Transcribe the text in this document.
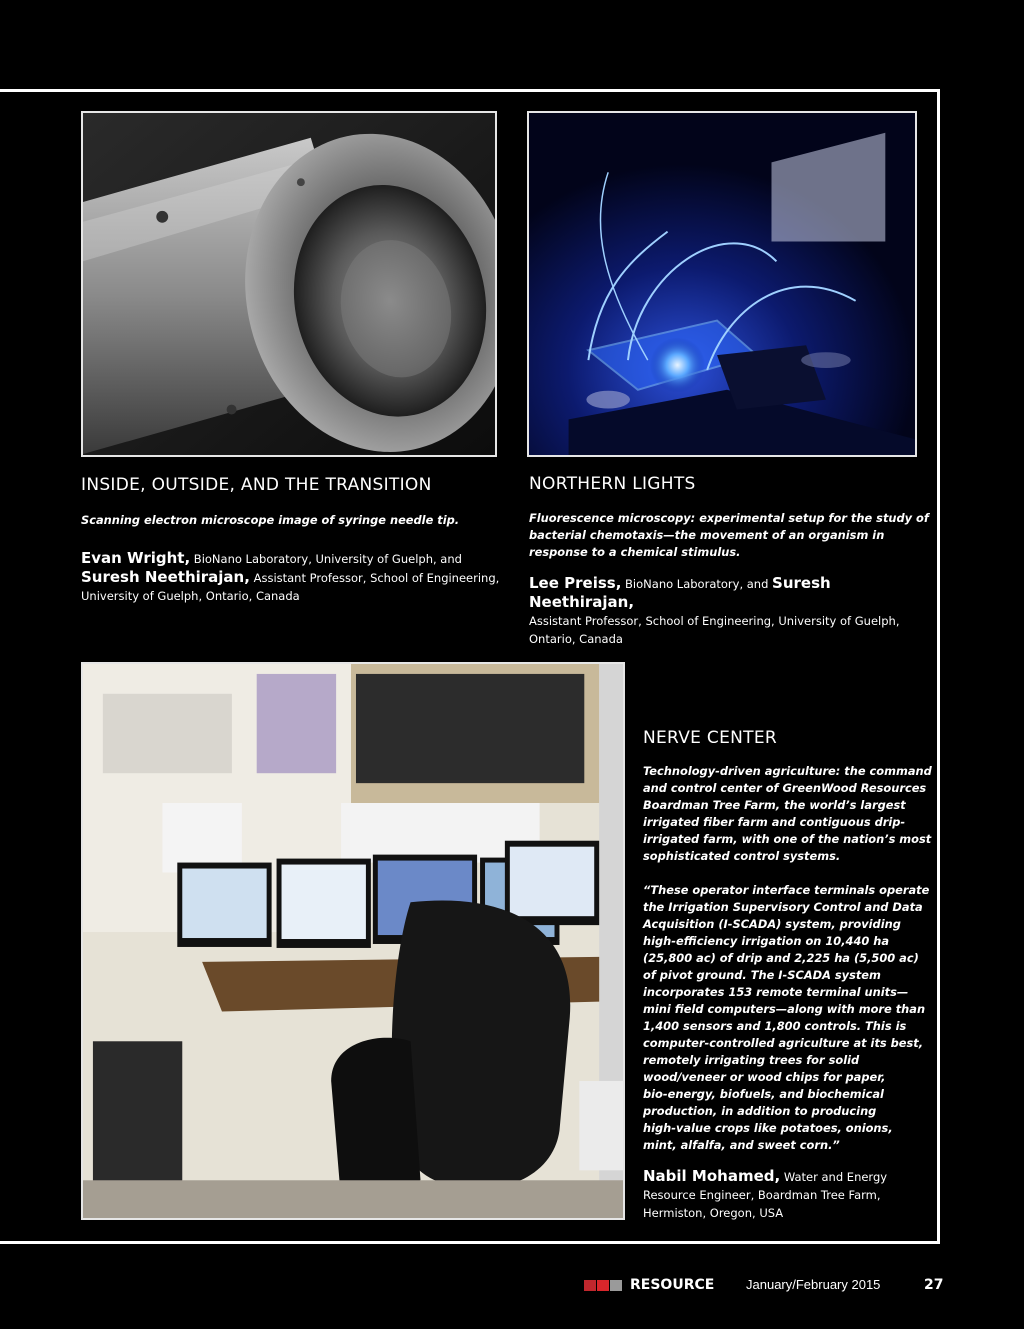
INSIDE, OUTSIDE, AND THE TRANSITION
Scanning electron microscope image of syringe needle tip.
Evan Wright, BioNano Laboratory, University of Guelph, and
Suresh Neethirajan, Assistant Professor, School of Engineering,
University of Guelph, Ontario, Canada
NORTHERN LIGHTS
Fluorescence microscopy: experimental setup for the study of
bacterial chemotaxis—the movement of an organism in
response to a chemical stimulus.
Lee Preiss, BioNano Laboratory, and Suresh Neethirajan,
Assistant Professor, School of Engineering, University of Guelph,
Ontario, Canada
NERVE CENTER
Technology-driven agriculture: the command
and control center of GreenWood Resources
Boardman Tree Farm, the world’s largest
irrigated fiber farm and contiguous drip-
irrigated farm, with one of the nation’s most
sophisticated control systems.
“These operator interface terminals operate
the Irrigation Supervisory Control and Data
Acquisition (I-SCADA) system, providing
high-efficiency irrigation on 10,440 ha
(25,800 ac) of drip and 2,225 ha (5,500 ac)
of pivot ground. The I-SCADA system
incorporates 153 remote terminal units—
mini field computers—along with more than
1,400 sensors and 1,800 controls. This is
computer-controlled agriculture at its best,
remotely irrigating trees for solid
wood/veneer or wood chips for paper,
bio-energy, biofuels, and biochemical
production, in addition to producing
high-value crops like potatoes, onions,
mint, alfalfa, and sweet corn.”
Nabil Mohamed, Water and Energy
Resource Engineer, Boardman Tree Farm,
Hermiston, Oregon, USA
RESOURCE January/February 2015	27
